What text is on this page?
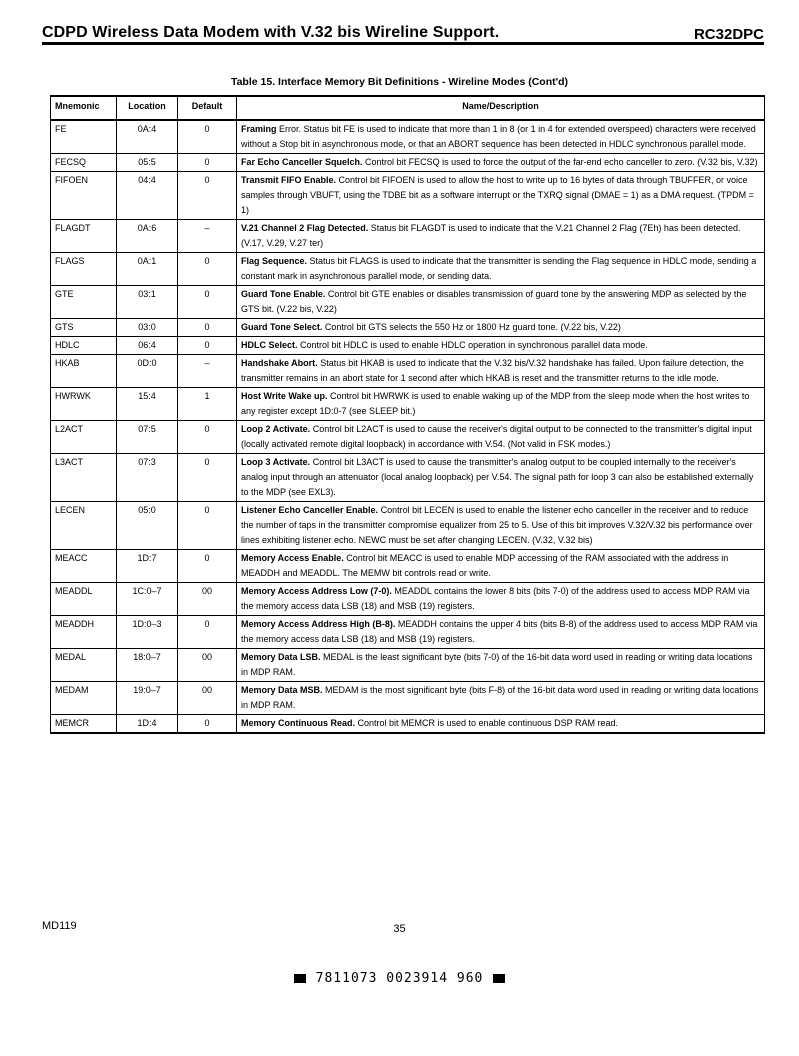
CDPD Wireless Data Modem with V.32 bis Wireline Support.	RC32DPC
Table 15. Interface Memory Bit Definitions - Wireline Modes (Cont'd)
Mnemonic	Location	Default	Name/Description
FE	0A:4	0	Framing Error. Status bit FE is used to indicate that more than 1 in 8 (or 1 in 4 for extended overspeed) characters were received without a Stop bit in asynchronous mode, or that an ABORT sequence has been detected in HDLC synchronous parallel mode.
FECSQ	05:5	0	Far Echo Canceller Squelch. Control bit FECSQ is used to force the output of the far-end echo canceller to zero. (V.32 bis, V.32)
FIFOEN	04:4	0	Transmit FIFO Enable. Control bit FIFOEN is used to allow the host to write up to 16 bytes of data through TBUFFER, or voice samples through VBUFT, using the TDBE bit as a software interrupt or the TXRQ signal (DMAE = 1) as a DMA request. (TPDM = 1)
FLAGDT	0A:6	–	V.21 Channel 2 Flag Detected. Status bit FLAGDT is used to indicate that the V.21 Channel 2 Flag (7Eh) has been detected. (V.17, V.29, V.27 ter)
FLAGS	0A:1	0	Flag Sequence. Status bit FLAGS is used to indicate that the transmitter is sending the Flag sequence in HDLC mode, sending a constant mark in asynchronous parallel mode, or sending data.
GTE	03:1	0	Guard Tone Enable. Control bit GTE enables or disables transmission of guard tone by the answering MDP as selected by the GTS bit. (V.22 bis, V.22)
GTS	03:0	0	Guard Tone Select. Control bit GTS selects the 550 Hz or 1800 Hz guard tone. (V.22 bis, V.22)
HDLC	06:4	0	HDLC Select. Control bit HDLC is used to enable HDLC operation in synchronous parallel data mode.
HKAB	0D:0	–	Handshake Abort. Status bit HKAB is used to indicate that the V.32 bis/V.32 handshake has failed. Upon failure detection, the transmitter remains in an abort state for 1 second after which HKAB is reset and the transmitter returns to the idle mode.
HWRWK	15:4	1	Host Write Wake up. Control bit HWRWK is used to enable waking up of the MDP from the sleep mode when the host writes to any register except 1D:0-7 (see SLEEP bit.)
L2ACT	07:5	0	Loop 2 Activate. Control bit L2ACT is used to cause the receiver's digital output to be connected to the transmitter's digital input (locally activated remote digital loopback) in accordance with V.54. (Not valid in FSK modes.)
L3ACT	07:3	0	Loop 3 Activate. Control bit L3ACT is used to cause the transmitter's analog output to be coupled internally to the receiver's analog input through an attenuator (local analog loopback) per V.54. The signal path for loop 3 can also be established externally to the MDP (see EXL3).
LECEN	05:0	0	Listener Echo Canceller Enable. Control bit LECEN is used to enable the listener echo canceller in the receiver and to reduce the number of taps in the transmitter compromise equalizer from 25 to 5. Use of this bit improves V.32/V.32 bis performance over lines exhibiting listener echo. NEWC must be set after changing LECEN. (V.32, V.32 bis)
MEACC	1D:7	0	Memory Access Enable. Control bit MEACC is used to enable MDP accessing of the RAM associated with the address in MEADDH and MEADDL. The MEMW bit controls read or write.
MEADDL	1C:0–7	00	Memory Access Address Low (7-0). MEADDL contains the lower 8 bits (bits 7-0) of the address used to access MDP RAM via the memory access data LSB (18) and MSB (19) registers.
MEADDH	1D:0–3	0	Memory Access Address High (B-8). MEADDH contains the upper 4 bits (bits B-8) of the address used to access MDP RAM via the memory access data LSB (18) and MSB (19) registers.
MEDAL	18:0–7	00	Memory Data LSB. MEDAL is the least significant byte (bits 7-0) of the 16-bit data word used in reading or writing data locations in MDP RAM.
MEDAM	19:0–7	00	Memory Data MSB. MEDAM is the most significant byte (bits F-8) of the 16-bit data word used in reading or writing data locations in MDP RAM.
MEMCR	1D:4	0	Memory Continuous Read. Control bit MEMCR is used to enable continuous DSP RAM read.
MD119	35
7811073 0023914 960
